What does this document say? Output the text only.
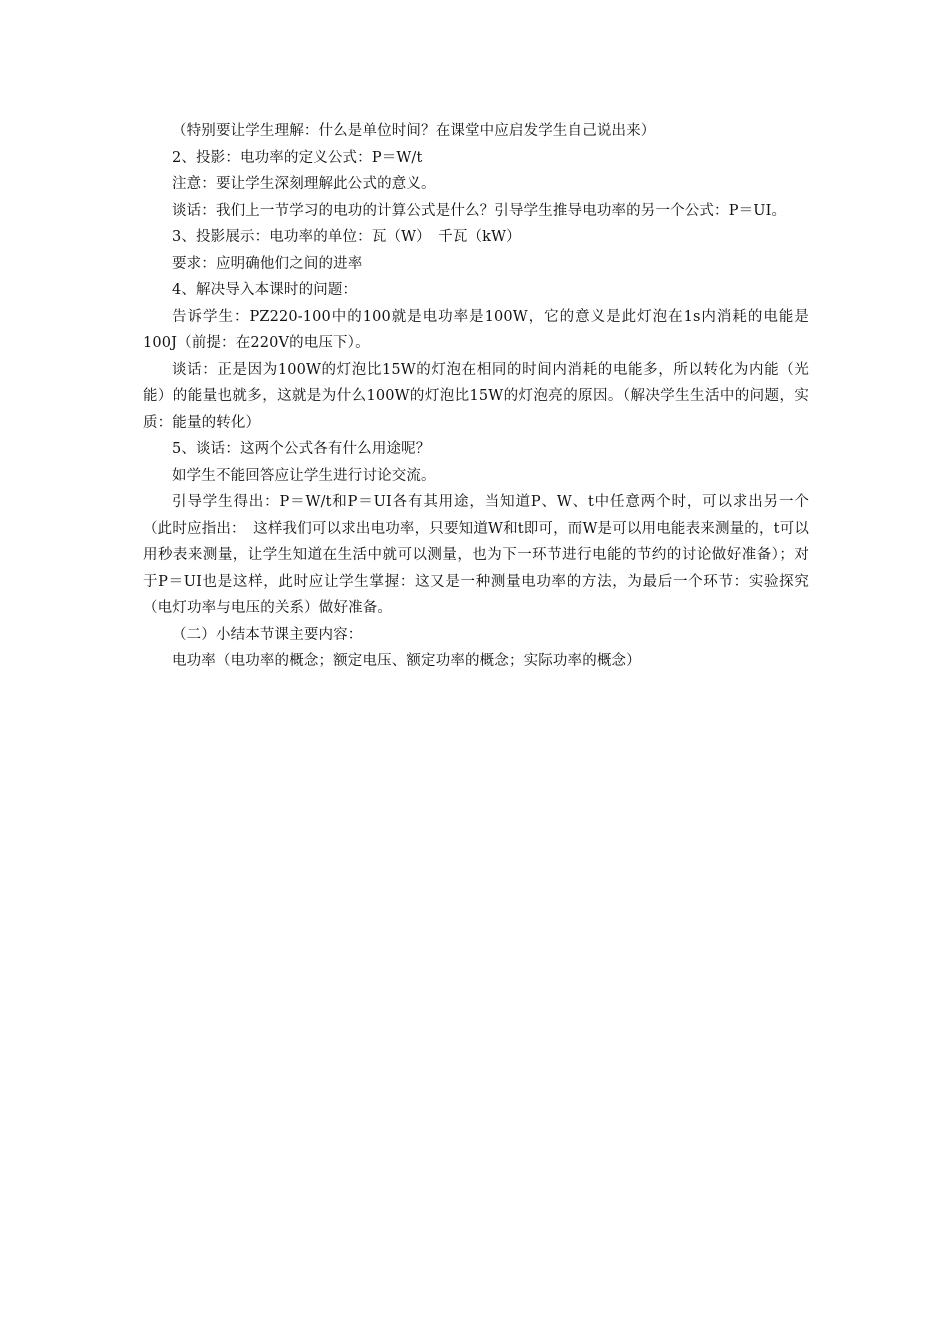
（特别要让学生理解：什么是单位时间？在课堂中应启发学生自己说出来）

2、投影：电功率的定义公式：P＝W/t

注意：要让学生深刻理解此公式的意义。

谈话：我们上一节学习的电功的计算公式是什么？引导学生推导电功率的另一个公式：P＝UI。

3、投影展示：电功率的单位：瓦（W）　千瓦（kW）

要求：应明确他们之间的进率

4、解决导入本课时的问题：

告诉学生：PZ220-100中的100就是电功率是100W，它的意义是此灯泡在1s内消耗的电能是100J（前提：在220V的电压下）。

谈话：正是因为100W的灯泡比15W的灯泡在相同的时间内消耗的电能多，所以转化为内能（光能）的能量也就多，这就是为什么100W的灯泡比15W的灯泡亮的原因。（解决学生生活中的问题，实质：能量的转化）

5、谈话：这两个公式各有什么用途呢？

如学生不能回答应让学生进行讨论交流。

引导学生得出：P＝W/t和P＝UI各有其用途，当知道P、W、t中任意两个时，可以求出另一个（此时应指出：　这样我们可以求出电功率，只要知道W和t即可，而W是可以用电能表来测量的，t可以用秒表来测量，让学生知道在生活中就可以测量，也为下一环节进行电能的节约的讨论做好准备）；对于P＝UI也是这样，此时应让学生掌握：这又是一种测量电功率的方法，为最后一个环节：实验探究（电灯功率与电压的关系）做好准备。

（二）小结本节课主要内容：

电功率（电功率的概念；额定电压、额定功率的概念；实际功率的概念）
